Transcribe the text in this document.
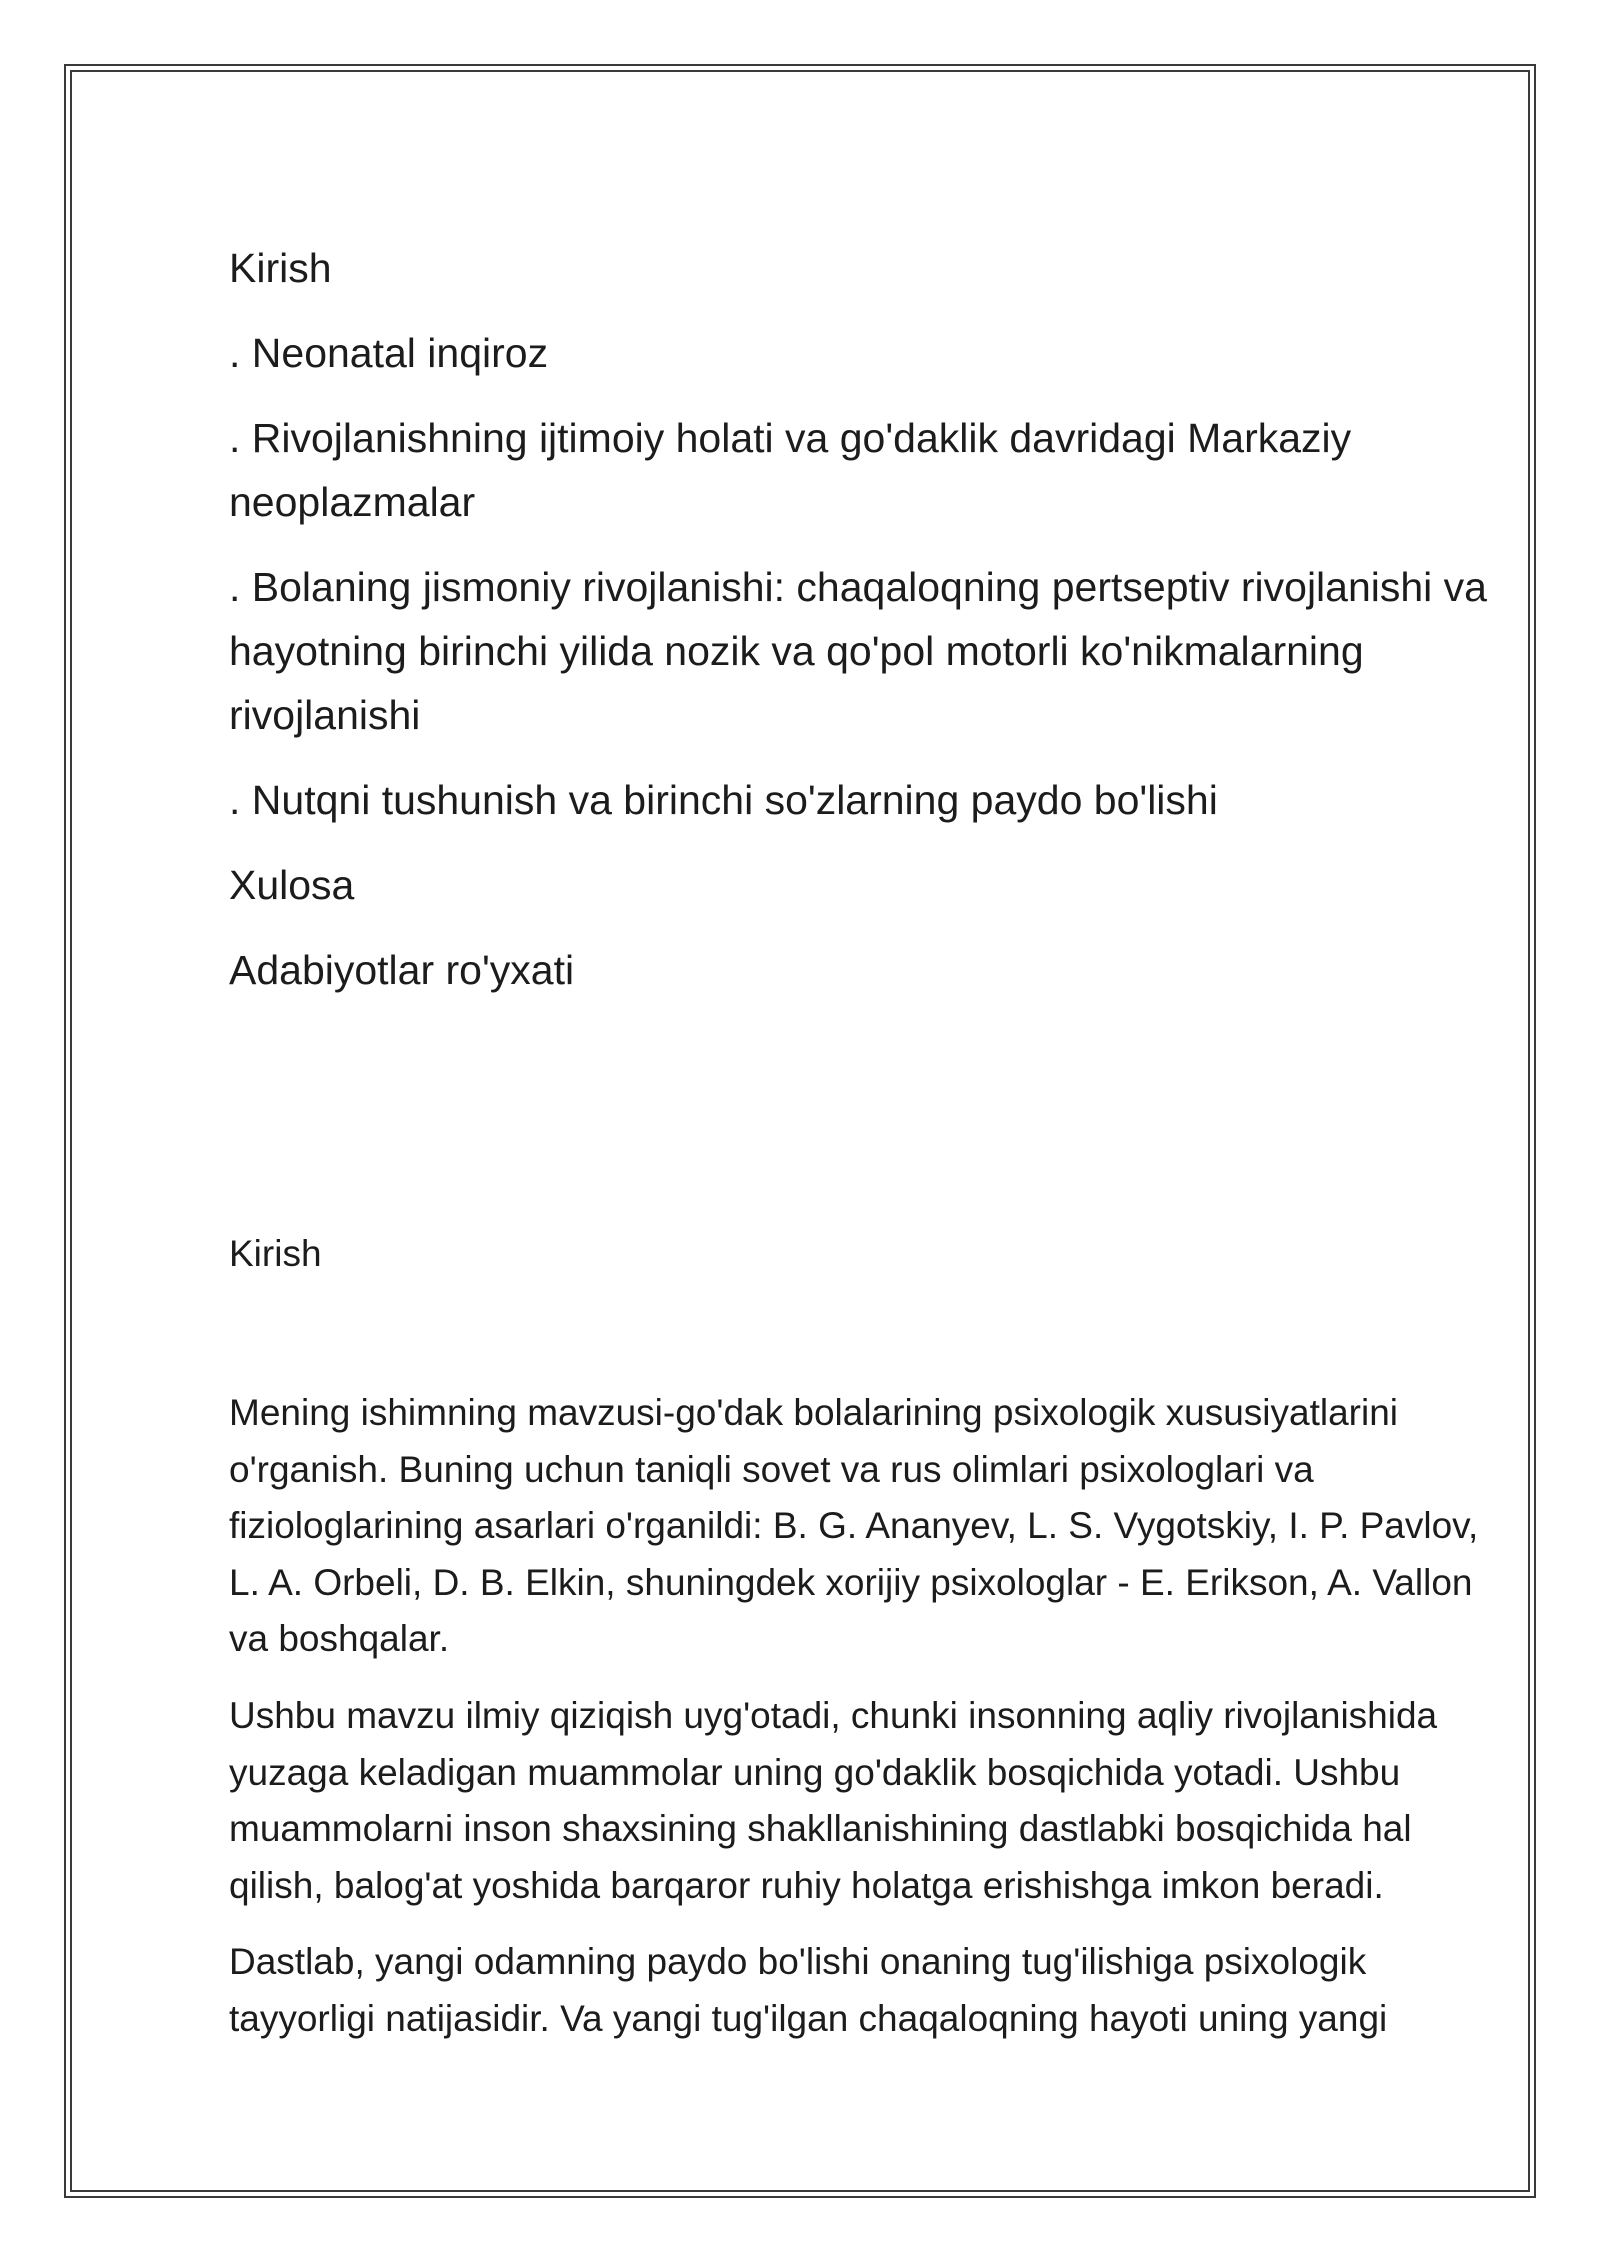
Kirish
. Neonatal inqiroz
. Rivojlanishning ijtimoiy holati va go'daklik davridagi Markaziy neoplazmalar
. Bolaning jismoniy rivojlanishi: chaqaloqning pertseptiv rivojlanishi va hayotning birinchi yilida nozik va qo'pol motorli ko'nikmalarning rivojlanishi
. Nutqni tushunish va birinchi so'zlarning paydo bo'lishi
Xulosa
Adabiyotlar ro'yxati
Kirish

Mening ishimning mavzusi-go'dak bolalarining psixologik xususiyatlarini o'rganish. Buning uchun taniqli sovet va rus olimlari psixologlari va fiziologlarining asarlari o'rganildi: B. G. Ananyev, L. S. Vygotskiy, I. P. Pavlov, L. A. Orbeli, D. B. Elkin, shuningdek xorijiy psixologlar - E. Erikson, A. Vallon va boshqalar.

Ushbu mavzu ilmiy qiziqish uyg'otadi, chunki insonning aqliy rivojlanishida yuzaga keladigan muammolar uning go'daklik bosqichida yotadi. Ushbu muammolarni inson shaxsining shakllanishining dastlabki bosqichida hal qilish, balog'at yoshida barqaror ruhiy holatga erishishga imkon beradi.

Dastlab, yangi odamning paydo bo'lishi onaning tug'ilishiga psixologik tayyorligi natijasidir. Va yangi tug'ilgan chaqaloqning hayoti uning yangi
